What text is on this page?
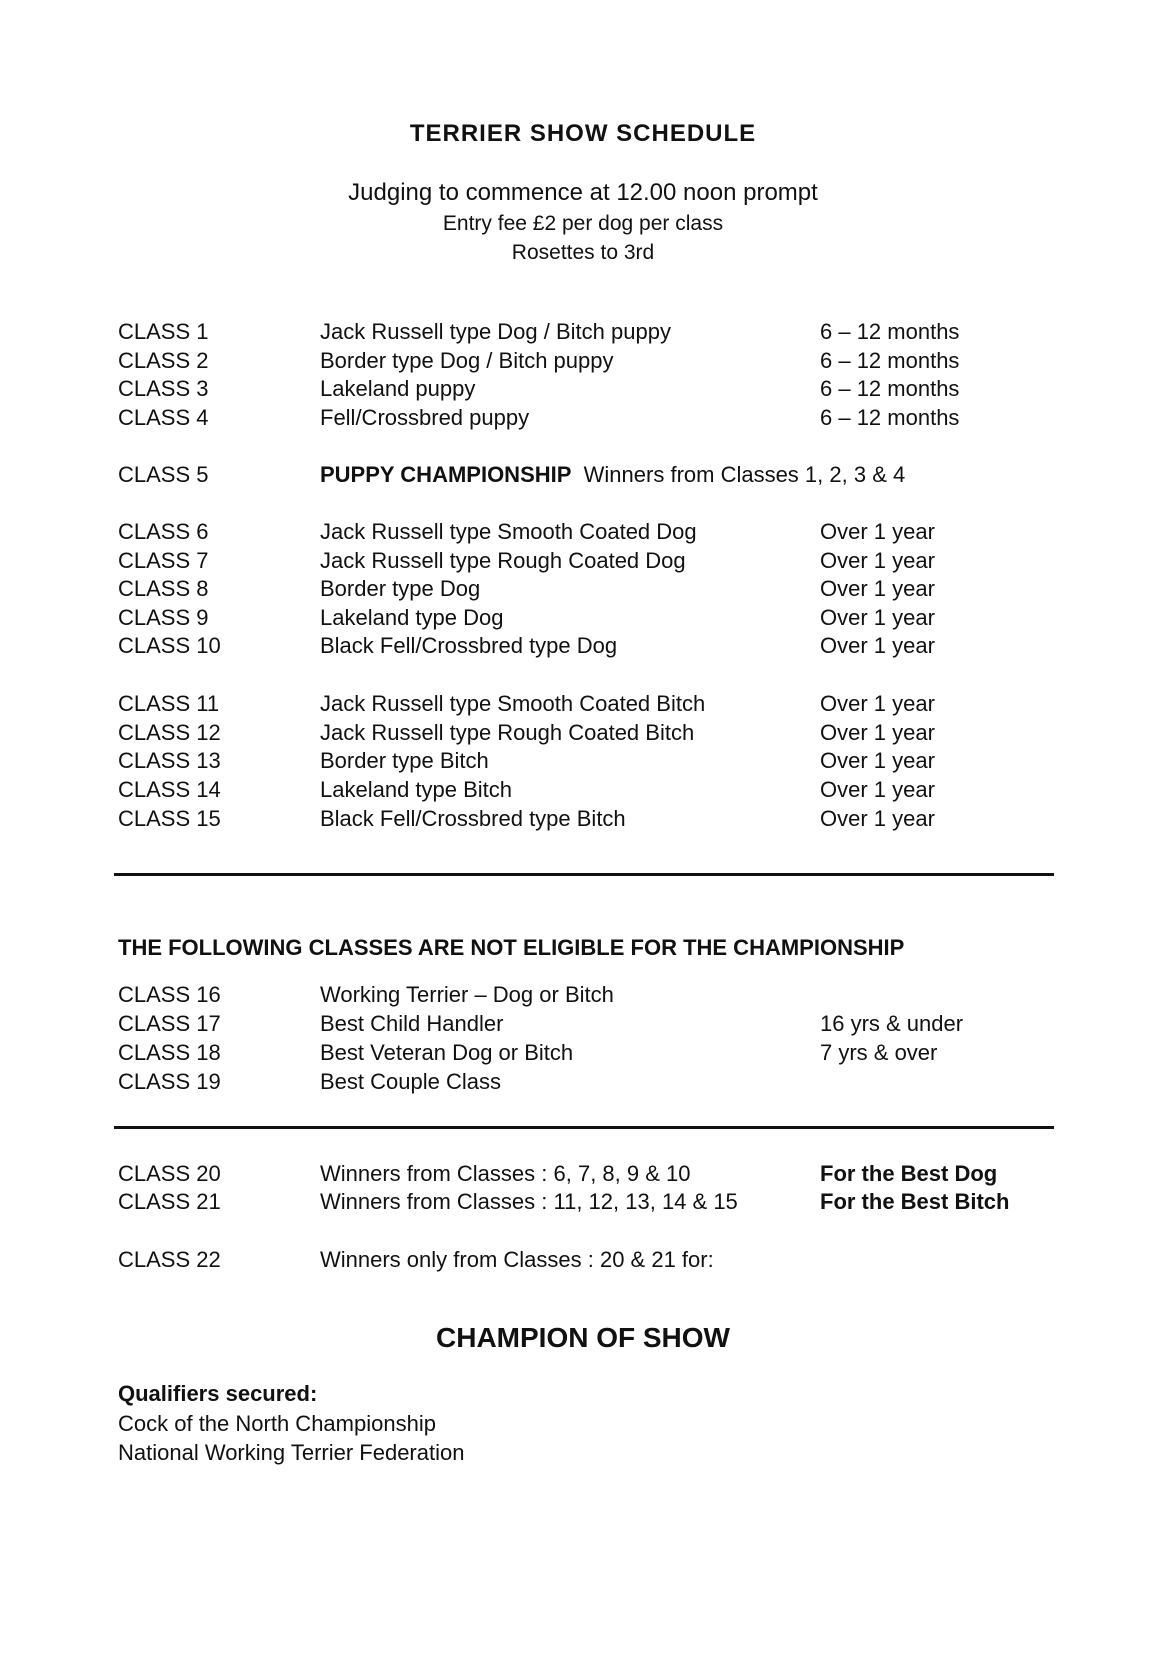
TERRIER SHOW SCHEDULE
Judging to commence at 12.00 noon prompt
Entry fee £2 per dog per class
Rosettes to 3rd
CLASS 1	Jack Russell type Dog / Bitch puppy	6 – 12 months
CLASS 2	Border type Dog / Bitch puppy	6 – 12 months
CLASS 3	Lakeland puppy	6 – 12 months
CLASS 4	Fell/Crossbred puppy	6 – 12 months
CLASS 5	PUPPY CHAMPIONSHIP Winners from Classes 1, 2, 3 & 4
CLASS 6	Jack Russell type Smooth Coated Dog	Over 1 year
CLASS 7	Jack Russell type Rough Coated Dog	Over 1 year
CLASS 8	Border type Dog	Over 1 year
CLASS 9	Lakeland type Dog	Over 1 year
CLASS 10	Black Fell/Crossbred type Dog	Over 1 year
CLASS 11	Jack Russell type Smooth Coated Bitch	Over 1 year
CLASS 12	Jack Russell type Rough Coated Bitch	Over 1 year
CLASS 13	Border type Bitch	Over 1 year
CLASS 14	Lakeland type Bitch	Over 1 year
CLASS 15	Black Fell/Crossbred type Bitch	Over 1 year
THE FOLLOWING CLASSES ARE NOT ELIGIBLE FOR THE CHAMPIONSHIP
CLASS 16	Working Terrier – Dog or Bitch
CLASS 17	Best Child Handler	16 yrs & under
CLASS 18	Best Veteran Dog or Bitch	7 yrs & over
CLASS 19	Best Couple Class
CLASS 20	Winners from Classes : 6, 7, 8, 9 & 10	For the Best Dog
CLASS 21	Winners from Classes : 11, 12, 13, 14 & 15	For the Best Bitch
CLASS 22	Winners only from Classes : 20 & 21 for:
CHAMPION OF SHOW
Qualifiers secured:
Cock of the North Championship
National Working Terrier Federation
